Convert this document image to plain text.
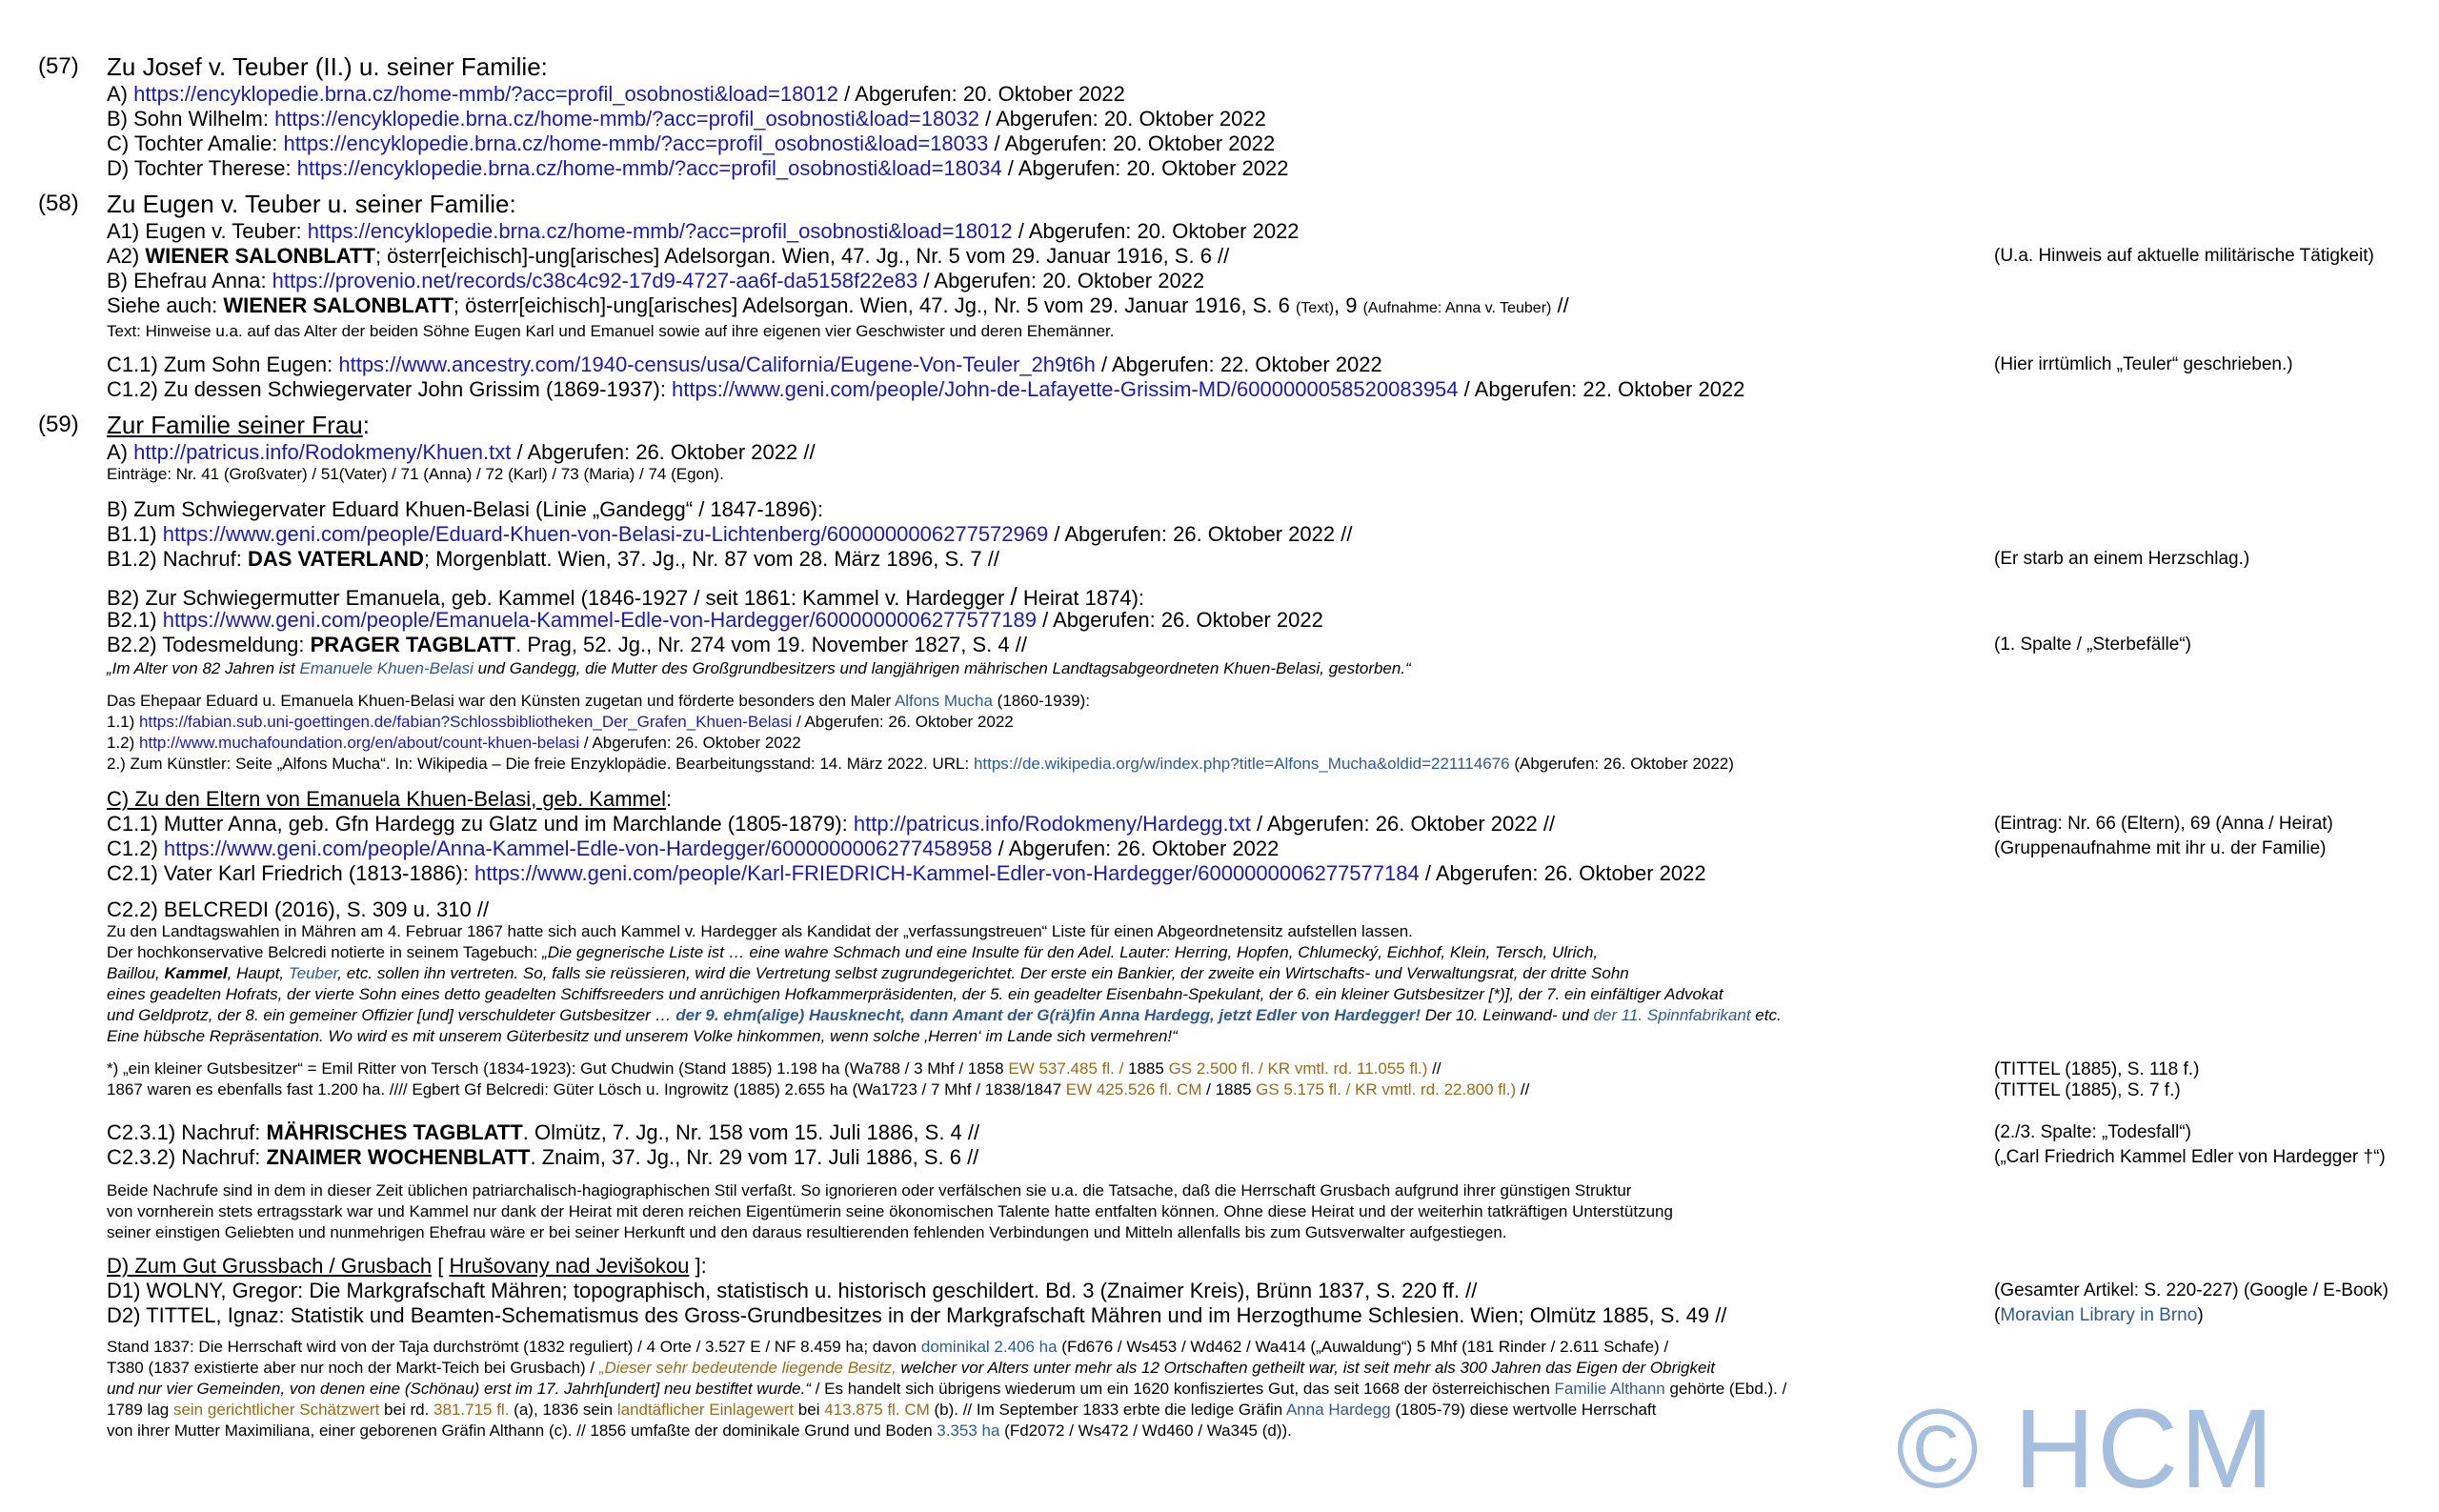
(57) Zu Josef v. Teuber (II.) u. seiner Familie:
A) https://encyklopedie.brna.cz/home-mmb/?acc=profil_osobnosti&load=18012 / Abgerufen: 20. Oktober 2022
B) Sohn Wilhelm: https://encyklopedie.brna.cz/home-mmb/?acc=profil_osobnosti&load=18032 / Abgerufen: 20. Oktober 2022
C) Tochter Amalie: https://encyklopedie.brna.cz/home-mmb/?acc=profil_osobnosti&load=18033 / Abgerufen: 20. Oktober 2022
D) Tochter Therese: https://encyklopedie.brna.cz/home-mmb/?acc=profil_osobnosti&load=18034 / Abgerufen: 20. Oktober 2022
(58) Zu Eugen v. Teuber u. seiner Familie:
A1) Eugen v. Teuber: https://encyklopedie.brna.cz/home-mmb/?acc=profil_osobnosti&load=18012 / Abgerufen: 20. Oktober 2022
A2) WIENER SALONBLATT; österr[eichisch]-ung[arisches] Adelsorgan. Wien, 47. Jg., Nr. 5 vom 29. Januar 1916, S. 6 //	(U.a. Hinweis auf aktuelle militärische Tätigkeit)
B) Ehefrau Anna: https://provenio.net/records/c38c4c92-17d9-4727-aa6f-da5158f22e83 / Abgerufen: 20. Oktober 2022
Siehe auch: WIENER SALONBLATT; österr[eichisch]-ung[arisches] Adelsorgan. Wien, 47. Jg., Nr. 5 vom 29. Januar 1916, S. 6 (Text), 9 (Aufnahme: Anna v. Teuber) //
Text: Hinweise u.a. auf das Alter der beiden Söhne Eugen Karl und Emanuel sowie auf ihre eigenen vier Geschwister und deren Ehemänner.
C1.1) Zum Sohn Eugen: https://www.ancestry.com/1940-census/usa/California/Eugene-Von-Teuler_2h9t6h / Abgerufen: 22. Oktober 2022	(Hier irrtümlich „Teuler“ geschrieben.)
C1.2) Zu dessen Schwiegervater John Grissim (1869-1937): https://www.geni.com/people/John-de-Lafayette-Grissim-MD/6000000058520083954 / Abgerufen: 22. Oktober 2022
(59) Zur Familie seiner Frau:
A) http://patricus.info/Rodokmeny/Khuen.txt / Abgerufen: 26. Oktober 2022 //
Einträge: Nr. 41 (Großvater) / 51(Vater) / 71 (Anna) / 72 (Karl) / 73 (Maria) / 74 (Egon).
B) Zum Schwiegervater Eduard Khuen-Belasi (Linie „Gandegg“ / 1847-1896):
B1.1) https://www.geni.com/people/Eduard-Khuen-von-Belasi-zu-Lichtenberg/6000000006277572969 / Abgerufen: 26. Oktober 2022 //
B1.2) Nachruf: DAS VATERLAND; Morgenblatt. Wien, 37. Jg., Nr. 87 vom 28. März 1896, S. 7 //	(Er starb an einem Herzschlag.)
B2) Zur Schwiegermutter Emanuela, geb. Kammel (1846-1927 / seit 1861: Kammel v. Hardegger / Heirat 1874):
B2.1) https://www.geni.com/people/Emanuela-Kammel-Edle-von-Hardegger/6000000006277577189 / Abgerufen: 26. Oktober 2022
B2.2) Todesmeldung: PRAGER TAGBLATT. Prag, 52. Jg., Nr. 274 vom 19. November 1827, S. 4 //	(1. Spalte / „Sterbefälle“)
„Im Alter von 82 Jahren ist Emanuele Khuen-Belasi und Gandegg, die Mutter des Großgrundbesitzers und langjährigen mährischen Landtagsabgeordneten Khuen-Belasi, gestorben.“
Das Ehepaar Eduard u. Emanuela Khuen-Belasi war den Künsten zugetan und förderte besonders den Maler Alfons Mucha (1860-1939):
1.1) https://fabian.sub.uni-goettingen.de/fabian?Schlossbibliotheken_Der_Grafen_Khuen-Belasi / Abgerufen: 26. Oktober 2022
1.2) http://www.muchafoundation.org/en/about/count-khuen-belasi / Abgerufen: 26. Oktober 2022
2.) Zum Künstler: Seite „Alfons Mucha“. In: Wikipedia – Die freie Enzyklopädie. Bearbeitungsstand: 14. März 2022. URL: https://de.wikipedia.org/w/index.php?title=Alfons_Mucha&oldid=221114676 (Abgerufen: 26. Oktober 2022)
C) Zu den Eltern von Emanuela Khuen-Belasi, geb. Kammel:
C1.1) Mutter Anna, geb. Gfn Hardegg zu Glatz und im Marchlande (1805-1879): http://patricus.info/Rodokmeny/Hardegg.txt / Abgerufen: 26. Oktober 2022 //	(Eintrag: Nr. 66 (Eltern), 69 (Anna / Heirat)
C1.2) https://www.geni.com/people/Anna-Kammel-Edle-von-Hardegger/6000000006277458958 / Abgerufen: 26. Oktober 2022	(Gruppenaufnahme mit ihr u. der Familie)
C2.1) Vater Karl Friedrich (1813-1886): https://www.geni.com/people/Karl-FRIEDRICH-Kammel-Edler-von-Hardegger/6000000006277577184 / Abgerufen: 26. Oktober 2022
C2.2) BELCREDI (2016), S. 309 u. 310 //
Zu den Landtagswahlen in Mähren am 4. Februar 1867 hatte sich auch Kammel v. Hardegger als Kandidat der „verfassungstreuen“ Liste für einen Abgeordnetensitz aufstellen lassen.
Der hochkonservative Belcredi notierte in seinem Tagebuch: „Die gegnerische Liste ist … eine wahre Schmach und eine Insulte für den Adel. Lauter: Herring, Hopfen, Chlumecký, Eichhof, Klein, Tersch, Ulrich,
Baillou, Kammel, Haupt, Teuber, etc. sollen ihn vertreten. So, falls sie reüssieren, wird die Vertretung selbst zugrundegerichtet. Der erste ein Bankier, der zweite ein Wirtschafts- und Verwaltungsrat, der dritte Sohn
eines geadelten Hofrats, der vierte Sohn eines detto geadelten Schiffsreeders und anrüchigen Hofkammerpräsidenten, der 5. ein geadelter Eisenbahn-Spekulant, der 6. ein kleiner Gutsbesitzer [*)], der 7. ein einfältiger Advokat
und Geldprotz, der 8. ein gemeiner Offizier [und] verschuldeter Gutsbesitzer … der 9. ehm(alige) Hausknecht, dann Amant der G(rä)fin Anna Hardegg, jetzt Edler von Hardegger! Der 10. Leinwand- und der 11. Spinnfabrikant etc.
Eine hübsche Repräsentation. Wo wird es mit unserem Güterbesitz und unserem Volke hinkommen, wenn solche ‚Herren‘ im Lande sich vermehren!“
*) „ein kleiner Gutsbesitzer“ = Emil Ritter von Tersch (1834-1923): Gut Chudwin (Stand 1885) 1.198 ha (Wa788 / 3 Mhf / 1858 EW 537.485 fl. / 1885 GS 2.500 fl. / KR vmtl. rd. 11.055 fl.) //	(TITTEL (1885), S. 118 f.)
1867 waren es ebenfalls fast 1.200 ha. //// Egbert Gf Belcredi: Güter Lösch u. Ingrowitz (1885) 2.655 ha (Wa1723 / 7 Mhf / 1838/1847 EW 425.526 fl. CM / 1885 GS 5.175 fl. / KR vmtl. rd. 22.800 fl.) //	(TITTEL (1885), S. 7 f.)
C2.3.1) Nachruf: MÄHRISCHES TAGBLATT. Olmütz, 7. Jg., Nr. 158 vom 15. Juli 1886, S. 4 //	(2./3. Spalte: „Todesfall“)
C2.3.2) Nachruf: ZNAIMER WOCHENBLATT. Znaim, 37. Jg., Nr. 29 vom 17. Juli 1886, S. 6 //	(„Carl Friedrich Kammel Edler von Hardegger †“)
Beide Nachrufe sind in dem in dieser Zeit üblichen patriarchalisch-hagiographischen Stil verfaßt. So ignorieren oder verfälschen sie u.a. die Tatsache, daß die Herrschaft Grusbach aufgrund ihrer günstigen Struktur
von vornherein stets ertragsstark war und Kammel nur dank der Heirat mit deren reichen Eigentümerin seine ökonomischen Talente hatte entfalten können. Ohne diese Heirat und der weiterhin tatkräftigen Unterstützung
seiner einstigen Geliebten und nunmehrigen Ehefrau wäre er bei seiner Herkunft und den daraus resultierenden fehlenden Verbindungen und Mitteln allenfalls bis zum Gutsverwalter aufgestiegen.
D) Zum Gut Grussbach / Grusbach [ Hrušovany nad Jevišokou ]:
D1) WOLNY, Gregor: Die Markgrafschaft Mähren; topographisch, statistisch u. historisch geschildert. Bd. 3 (Znaimer Kreis), Brünn 1837, S. 220 ff. //	(Gesamter Artikel: S. 220-227) (Google / E-Book)
D2) TITTEL, Ignaz: Statistik und Beamten-Schematismus des Gross-Grundbesitzes in der Markgrafschaft Mähren und im Herzogthume Schlesien. Wien; Olmütz 1885, S. 49 //	(Moravian Library in Brno)
Stand 1837: Die Herrschaft wird von der Taja durchströmt (1832 reguliert) / 4 Orte / 3.527 E / NF 8.459 ha; davon dominikal 2.406 ha (Fd676 / Ws453 / Wd462 / Wa414 („Auwaldung“) 5 Mhf (181 Rinder / 2.611 Schafe) /
T380 (1837 existierte aber nur noch der Markt-Teich bei Grusbach) / „Dieser sehr bedeutende liegende Besitz, welcher vor Alters unter mehr als 12 Ortschaften getheilt war, ist seit mehr als 300 Jahren das Eigen der Obrigkeit
und nur vier Gemeinden, von denen eine (Schönau) erst im 17. Jahrh[undert] neu bestiftet wurde.“ / Es handelt sich übrigens wiederum um ein 1620 konfisziertes Gut, das seit 1668 der österreichischen Familie Althann gehörte (Ebd.). /
1789 lag sein gerichtlicher Schätzwert bei rd. 381.715 fl. (a), 1836 sein landtäflicher Einlagewert bei 413.875 fl. CM (b). // Im September 1833 erbte die ledige Gräfin Anna Hardegg (1805-79) diese wertvolle Herrschaft
von ihrer Mutter Maximiliana, einer geborenen Gräfin Althann (c). // 1856 umfaßte der dominikale Grund und Boden 3.353 ha (Fd2072 / Ws472 / Wd460 / Wa345 (d)).	© HCM
